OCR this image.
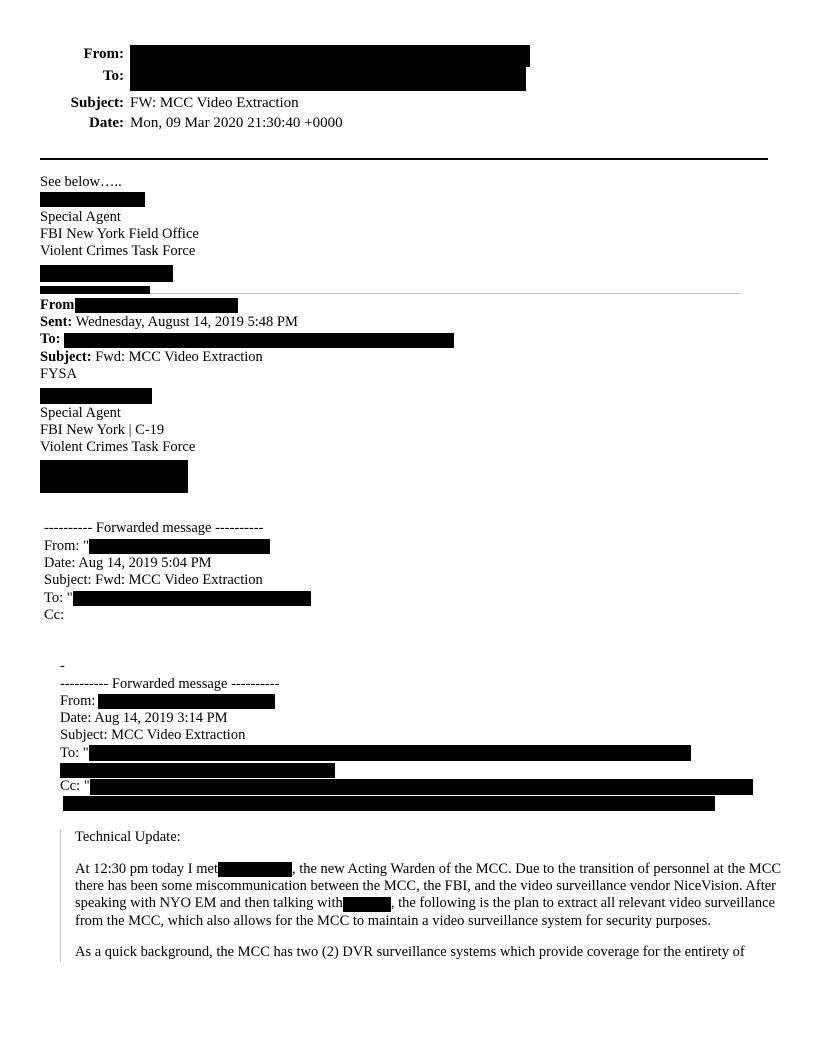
From:
To:
Subject: FW: MCC Video Extraction
Date: Mon, 09 Mar 2020 21:30:40 +0000
See below…..
Special Agent
FBI New York Field Office
Violent Crimes Task Force
From
Sent: Wednesday, August 14, 2019 5:48 PM
To:
Subject: Fwd: MCC Video Extraction
FYSA
Special Agent
FBI New York | C-19
Violent Crimes Task Force
---------- Forwarded message ----------
From: "
Date: Aug 14, 2019 5:04 PM
Subject: Fwd: MCC Video Extraction
To: "
Cc:
-
---------- Forwarded message ----------
From:
Date: Aug 14, 2019 3:14 PM
Subject: MCC Video Extraction
To: "
Cc: "
Technical Update:
At 12:30 pm today I met	, the new Acting Warden of the MCC. Due to the transition of personnel at the MCC there has been some miscommunication between the MCC, the FBI, and the video surveillance vendor NiceVision. After speaking with NYO EM and then talking with	, the following is the plan to extract all relevant video surveillance from the MCC, which also allows for the MCC to maintain a video surveillance system for security purposes.
As a quick background, the MCC has two (2) DVR surveillance systems which provide coverage for the entirety of
